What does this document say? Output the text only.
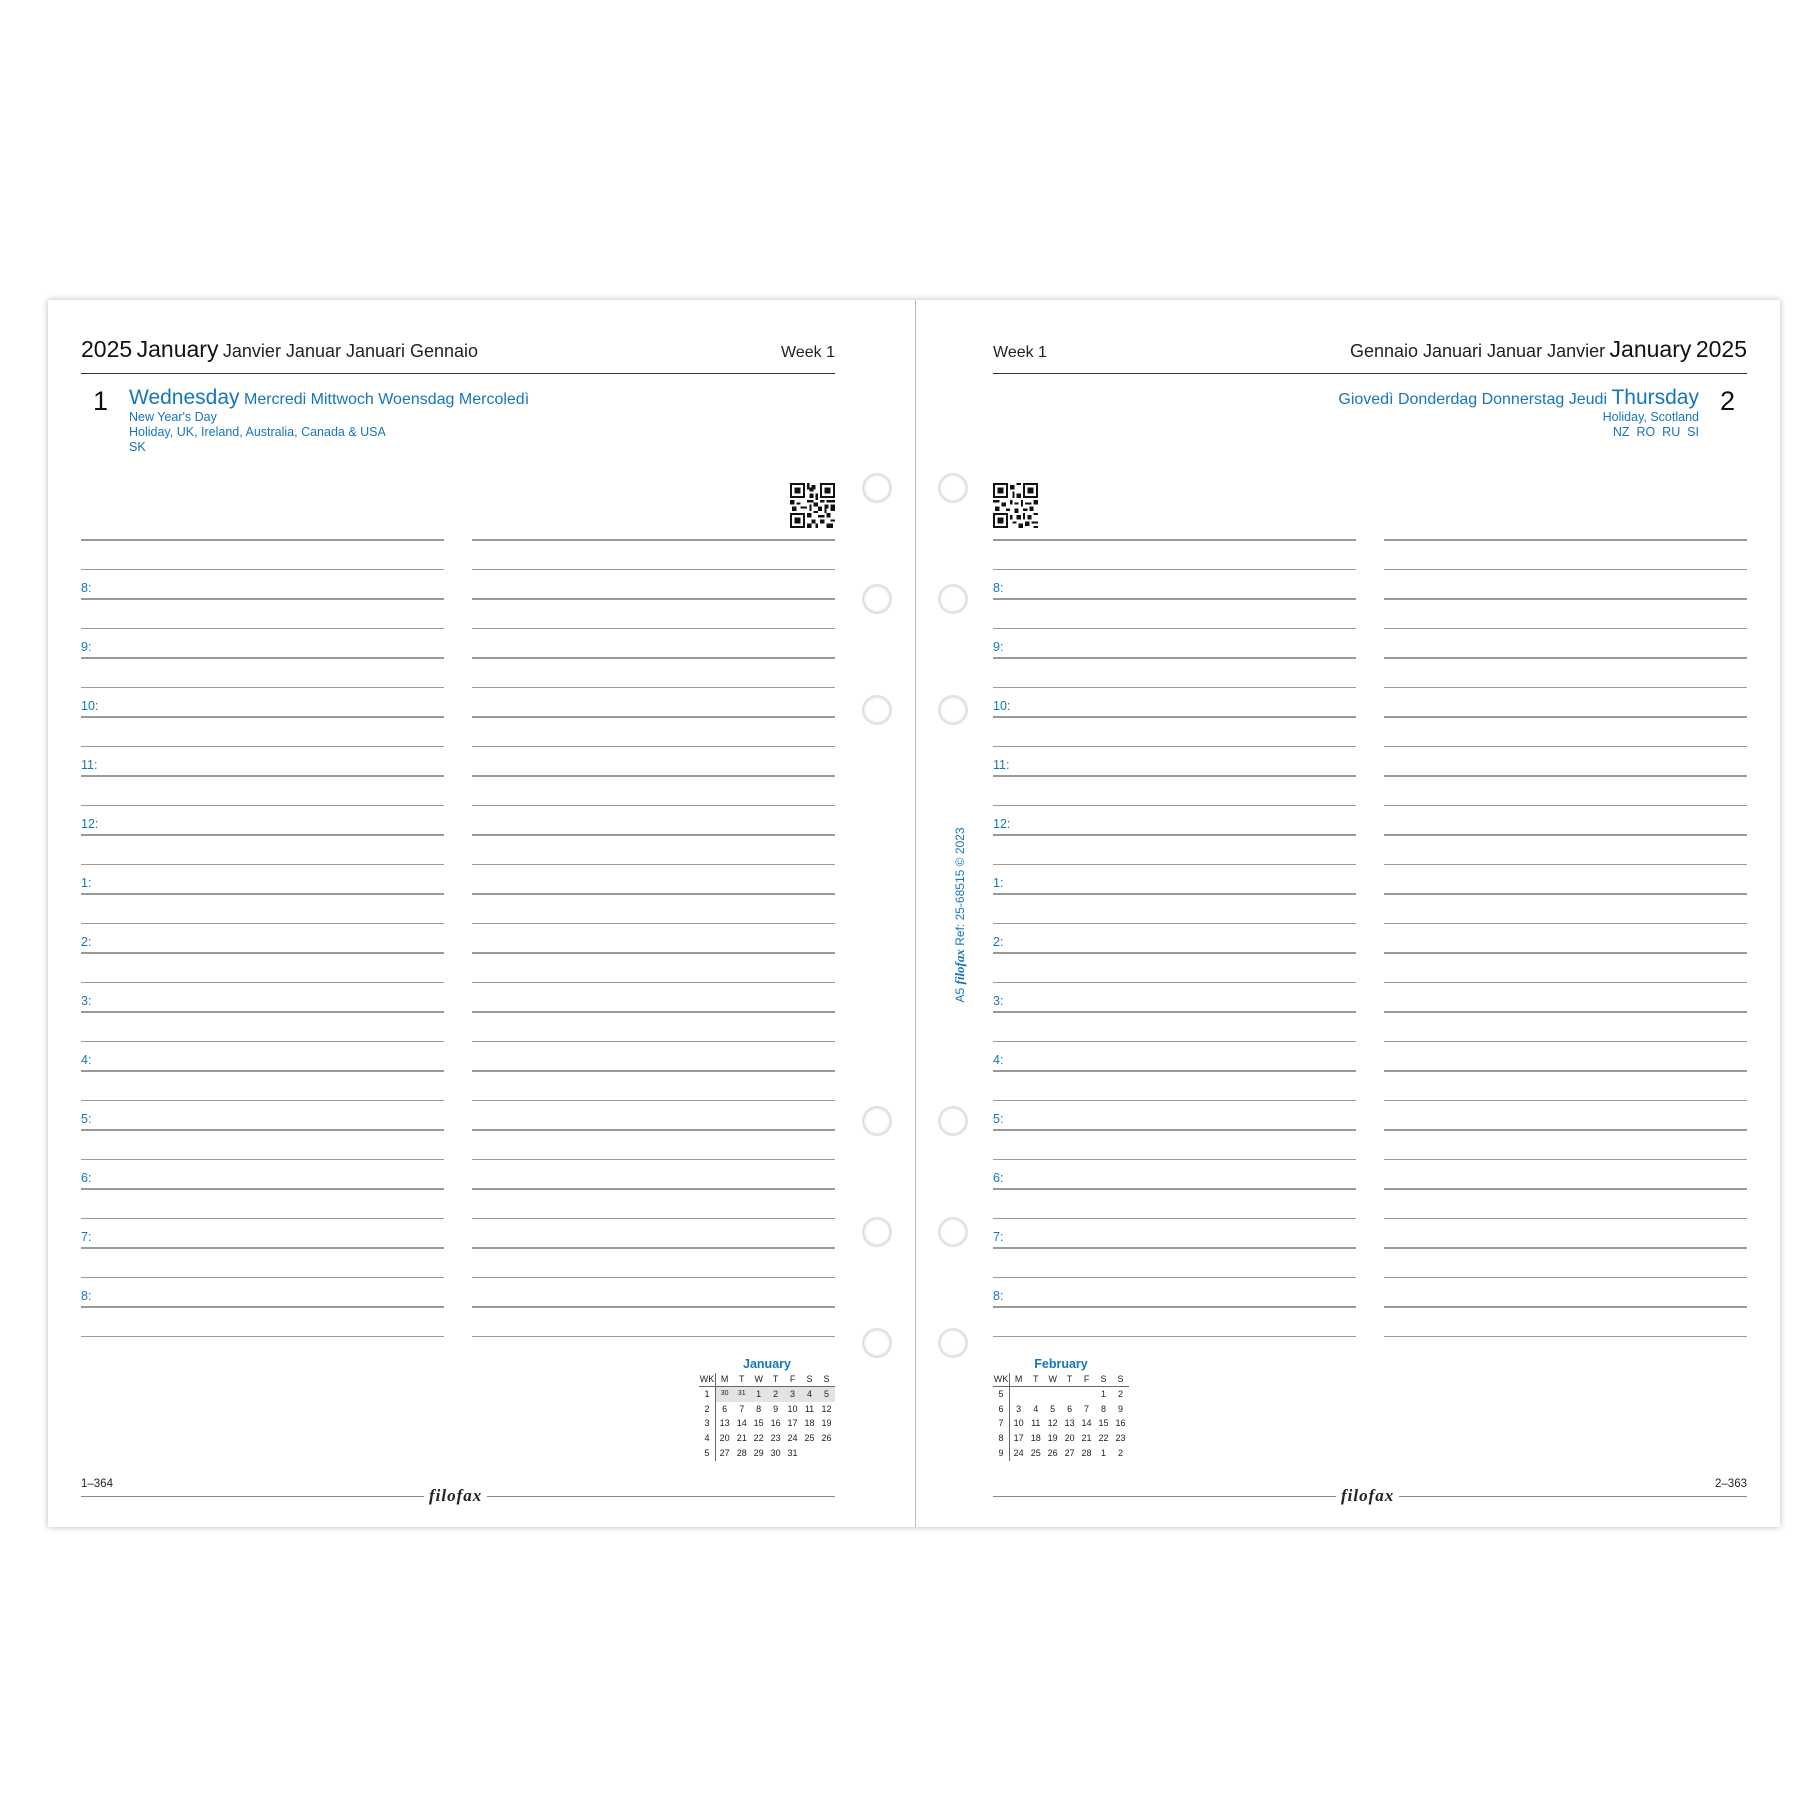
2025 January Janvier Januar Januari Gennaio	Week 1
1 Wednesday Mercredi Mittwoch Woensdag Mercoledì
New Year's Day
Holiday, UK, Ireland, Australia, Canada & USA
SK
8:
9:
10:
11:
12:
1:
2:
3:
4:
5:
6:
7:
8:
January
WK	M	T	W	T	F	S	S
1	30	31	1	2	3	4	5
2	6	7	8	9	10	11	12
3	13	14	15	16	17	18	19
4	20	21	22	23	24	25	26
5	27	28	29	30	31		
1–364
filofax
Week 1	Gennaio Januari Januar Janvier January 2025
2
Giovedì Donderdag Donnerstag Jeudi Thursday
Holiday, Scotland
NZ  RO  RU  SI
8:
9:
10:
11:
12:
1:
2:
3:
4:
5:
6:
7:
8:
February
WK	M	T	W	T	F	S	S
5						1	2
6	3	4	5	6	7	8	9
7	10	11	12	13	14	15	16
8	17	18	19	20	21	22	23
9	24	25	26	27	28	1	2
2–363
filofax
A5 filofax Ref: 25-68515 © 2023
